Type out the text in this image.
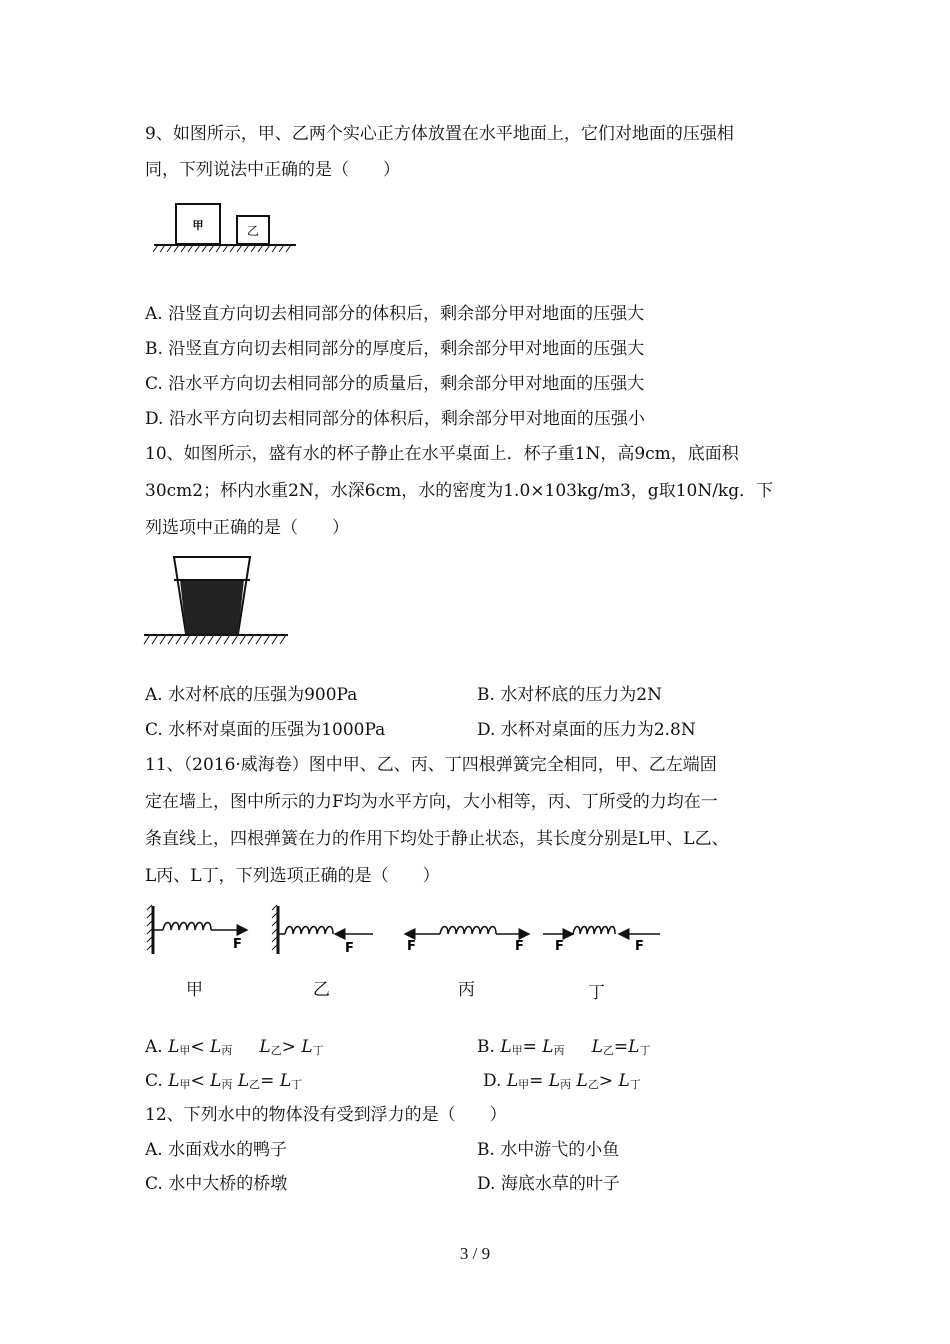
9、如图所示，甲、乙两个实心正方体放置在水平地面上，它们对地面的压强相
同，下列说法中正确的是（　　）
甲	乙
A. 沿竖直方向切去相同部分的体积后，剩余部分甲对地面的压强大
B. 沿竖直方向切去相同部分的厚度后，剩余部分甲对地面的压强大
C. 沿水平方向切去相同部分的质量后，剩余部分甲对地面的压强大
D. 沿水平方向切去相同部分的体积后，剩余部分甲对地面的压强小
10、如图所示，盛有水的杯子静止在水平桌面上．杯子重1N，高9cm，底面积
30cm2；杯内水重2N，水深6cm，水的密度为1.0×103kg/m3，g取10N/kg．下
列选项中正确的是（　　）
A. 水对杯底的压强为900Pa	B. 水对杯底的压力为2N
C. 水杯对桌面的压强为1000Pa	D. 水杯对桌面的压力为2.8N
11、（2016·威海卷）图中甲、乙、丙、丁四根弹簧完全相同，甲、乙左端固
定在墙上，图中所示的力F均为水平方向，大小相等，丙、丁所受的力均在一
条直线上，四根弹簧在力的作用下均处于静止状态，其长度分别是L甲、L乙、
L丙、L丁，下列选项正确的是（　　）
F	F	F	F F	F
甲	乙	丙	丁
A. L甲< L丙 L乙> L丁	B. L甲= L丙 L乙=L丁
C. L甲< L丙 L乙= L丁	D. L甲= L丙 L乙> L丁
12、下列水中的物体没有受到浮力的是（　　）
A. 水面戏水的鸭子	B. 水中游弋的小鱼
C. 水中大桥的桥墩	D. 海底水草的叶子
3 / 9
